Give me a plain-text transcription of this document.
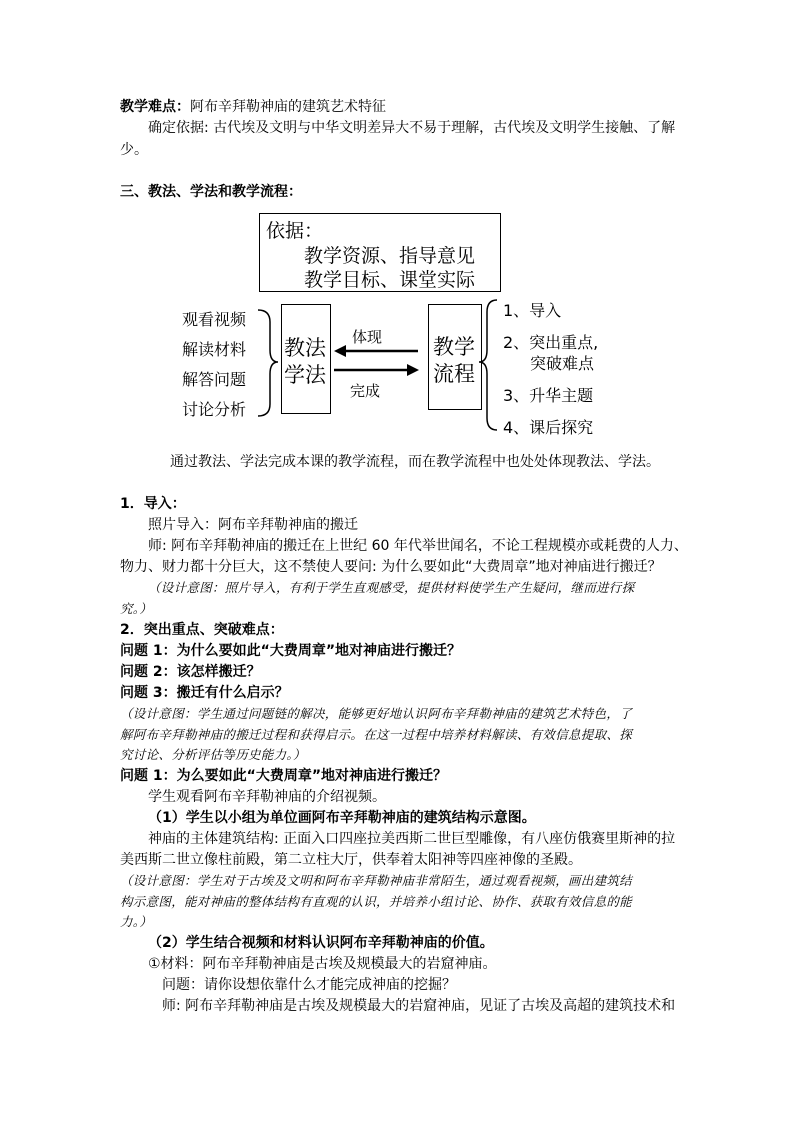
教学难点：阿布辛拜勒神庙的建筑艺术特征
确定依据: 古代埃及文明与中华文明差异大不易于理解，古代埃及文明学生接触、了解
少。
三、教法、学法和教学流程：
依据：
教学资源、指导意见
教学目标、课堂实际
观看视频
解读材料
解答问题
讨论分析
教法
学法
体现
完成
教学
流程
1、导入
2、突出重点,
突破难点
3、升华主题
4、课后探究
通过教法、学法完成本课的教学流程，而在教学流程中也处处体现教法、学法。
1．导入：
照片导入：阿布辛拜勒神庙的搬迁
师: 阿布辛拜勒神庙的搬迁在上世纪 60 年代举世闻名，不论工程规模亦或耗费的人力、
物力、财力都十分巨大，这不禁使人要问: 为什么要如此“大费周章”地对神庙进行搬迁？
（设计意图：照片导入，有利于学生直观感受，提供材料使学生产生疑问，继而进行探
究。）
2．突出重点、突破难点：
问题 1：为什么要如此“大费周章”地对神庙进行搬迁？
问题 2：该怎样搬迁？
问题 3：搬迁有什么启示？
（设计意图：学生通过问题链的解决，能够更好地认识阿布辛拜勒神庙的建筑艺术特色，了
解阿布辛拜勒神庙的搬迁过程和获得启示。在这一过程中培养材料解读、有效信息提取、探
究讨论、分析评估等历史能力。）
问题 1：为么要如此“大费周章”地对神庙进行搬迁？
学生观看阿布辛拜勒神庙的介绍视频。
（1）学生以小组为单位画阿布辛拜勒神庙的建筑结构示意图。
神庙的主体建筑结构: 正面入口四座拉美西斯二世巨型雕像，有八座仿俄赛里斯神的拉
美西斯二世立像柱前殿，第二立柱大厅，供奉着太阳神等四座神像的圣殿。
（设计意图：学生对于古埃及文明和阿布辛拜勒神庙非常陌生，通过观看视频，画出建筑结
构示意图，能对神庙的整体结构有直观的认识，并培养小组讨论、协作、获取有效信息的能
力。）
（2）学生结合视频和材料认识阿布辛拜勒神庙的价值。
①材料：阿布辛拜勒神庙是古埃及规模最大的岩窟神庙。
问题：请你设想依靠什么才能完成神庙的挖掘？
师: 阿布辛拜勒神庙是古埃及规模最大的岩窟神庙，见证了古埃及高超的建筑技术和
